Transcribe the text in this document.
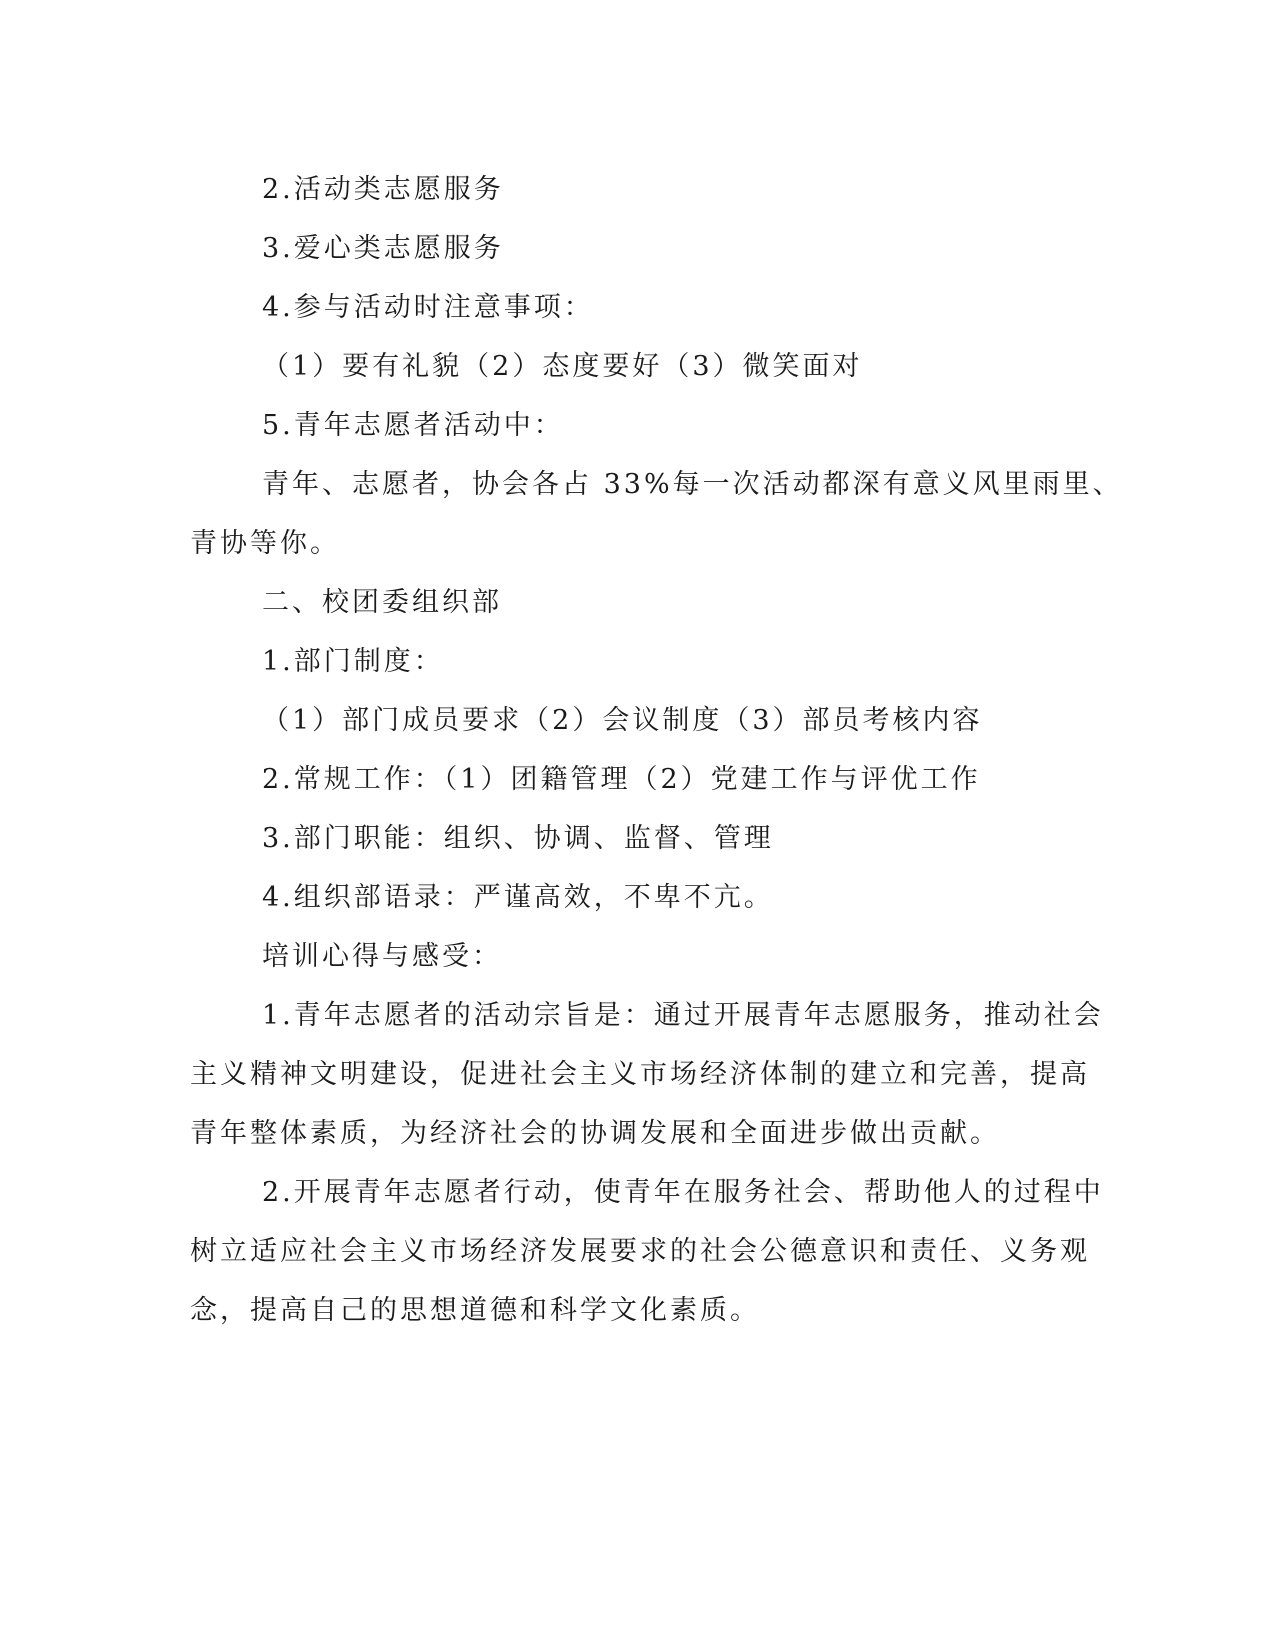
2.活动类志愿服务
3.爱心类志愿服务
4.参与活动时注意事项：
（1）要有礼貌（2）态度要好（3）微笑面对
5.青年志愿者活动中：
青年、志愿者，协会各占 33%每一次活动都深有意义风里雨里、
青协等你。
二、校团委组织部
1.部门制度：
（1）部门成员要求（2）会议制度（3）部员考核内容
2.常规工作：（1）团籍管理（2）党建工作与评优工作
3.部门职能：组织、协调、监督、管理
4.组织部语录：严谨高效，不卑不亢。
培训心得与感受：
1.青年志愿者的活动宗旨是：通过开展青年志愿服务，推动社会
主义精神文明建设，促进社会主义市场经济体制的建立和完善，提高
青年整体素质，为经济社会的协调发展和全面进步做出贡献。
2.开展青年志愿者行动，使青年在服务社会、帮助他人的过程中
树立适应社会主义市场经济发展要求的社会公德意识和责任、义务观
念，提高自己的思想道德和科学文化素质。
